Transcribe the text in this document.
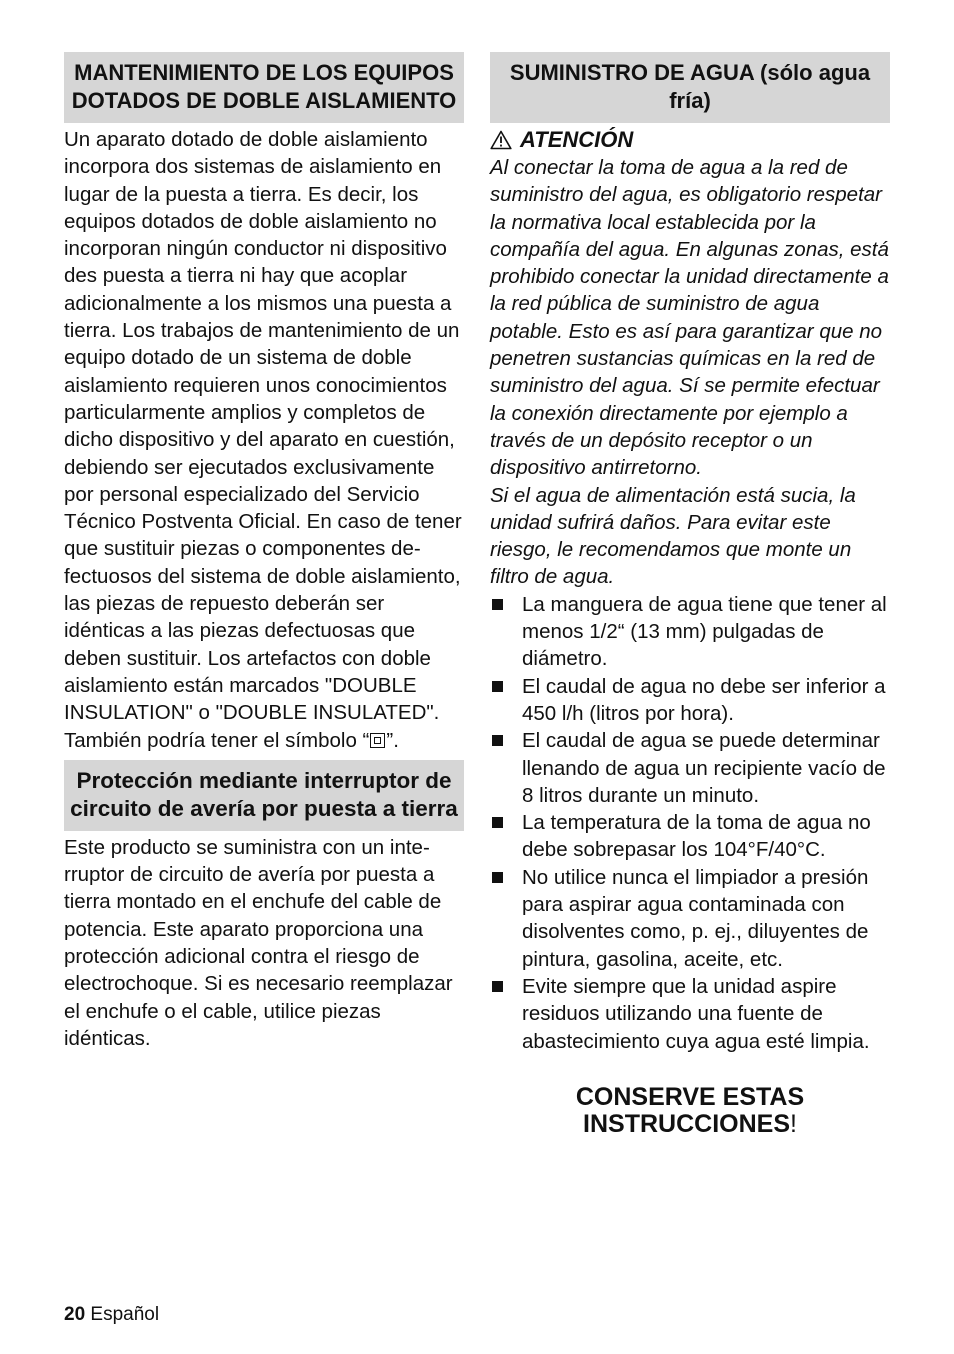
MANTENIMIENTO DE LOS EQUIPOS DOTADOS DE DOBLE AISLAMIENTO

Un aparato dotado de doble aislamiento incorpora dos sistemas de aislamiento en lugar de la puesta a tierra. Es decir, los equipos dotados de doble aislamiento no incorporan ningún conductor ni dispositivo des puesta a tierra ni hay que acoplar adicionalmente a los mismos una puesta a tierra. Los trabajos de mantenimiento de un equipo dotado de un sistema de doble aislamiento requieren unos conocimientos particularmente amplios y completos de dicho dispositivo y del aparato en cuestión, debiendo ser ejecutados exclusivamente por personal especializado del Servicio Técnico Postventa Oficial. En caso de tener que sustituir piezas o componentes defectuosos del sistema de doble aislamiento, las piezas de repuesto deberán ser idénticas a las piezas defectuosas que deben sustituir. Los artefactos con doble aislamiento están marcados "DOUBLE INSULATION" o "DOUBLE INSULATED". También podría tener el símbolo “ ”.

Protección mediante interruptor de circuito de avería por puesta a tierra

Este producto se suministra con un interruptor de circuito de avería por puesta a tierra montado en el enchufe del cable de potencia. Este aparato proporciona una protección adicional contra el riesgo de electrochoque. Si es necesario reemplazar el enchufe o el cable, utilice piezas idénticas.

SUMINISTRO DE AGUA (sólo agua fría)
ATENCIÓN

Al conectar la toma de agua a la red de suministro del agua, es obligatorio respetar la normativa local establecida por la compañía del agua. En algunas zonas, está prohibido conectar la unidad directamente a la red pública de suministro de agua potable. Esto es así para garantizar que no penetren sustancias químicas en la red de suministro del agua. Sí se permite efectuar la conexión directamente por ejemplo a través de un depósito receptor o un dispositivo antirretorno.

Si el agua de alimentación está sucia, la unidad sufrirá daños. Para evitar este riesgo, le recomendamos que monte un filtro de agua.

La manguera de agua tiene que tener al menos 1/2“ (13 mm) pulgadas de diámetro.
El caudal de agua no debe ser inferior a 450 l/h (litros por hora).
El caudal de agua se puede determinar llenando de agua un recipiente vacío de 8 litros durante un minuto.
La temperatura de la toma de agua no debe sobrepasar los 104°F/40°C.
No utilice nunca el limpiador a presión para aspirar agua contaminada con disolventes como, p. ej., diluyentes de pintura, gasolina, aceite, etc.
Evite siempre que la unidad aspire residuos utilizando una fuente de abastecimiento cuya agua esté limpia.
CONSERVE ESTAS
INSTRUCCIONES!
20 Español
